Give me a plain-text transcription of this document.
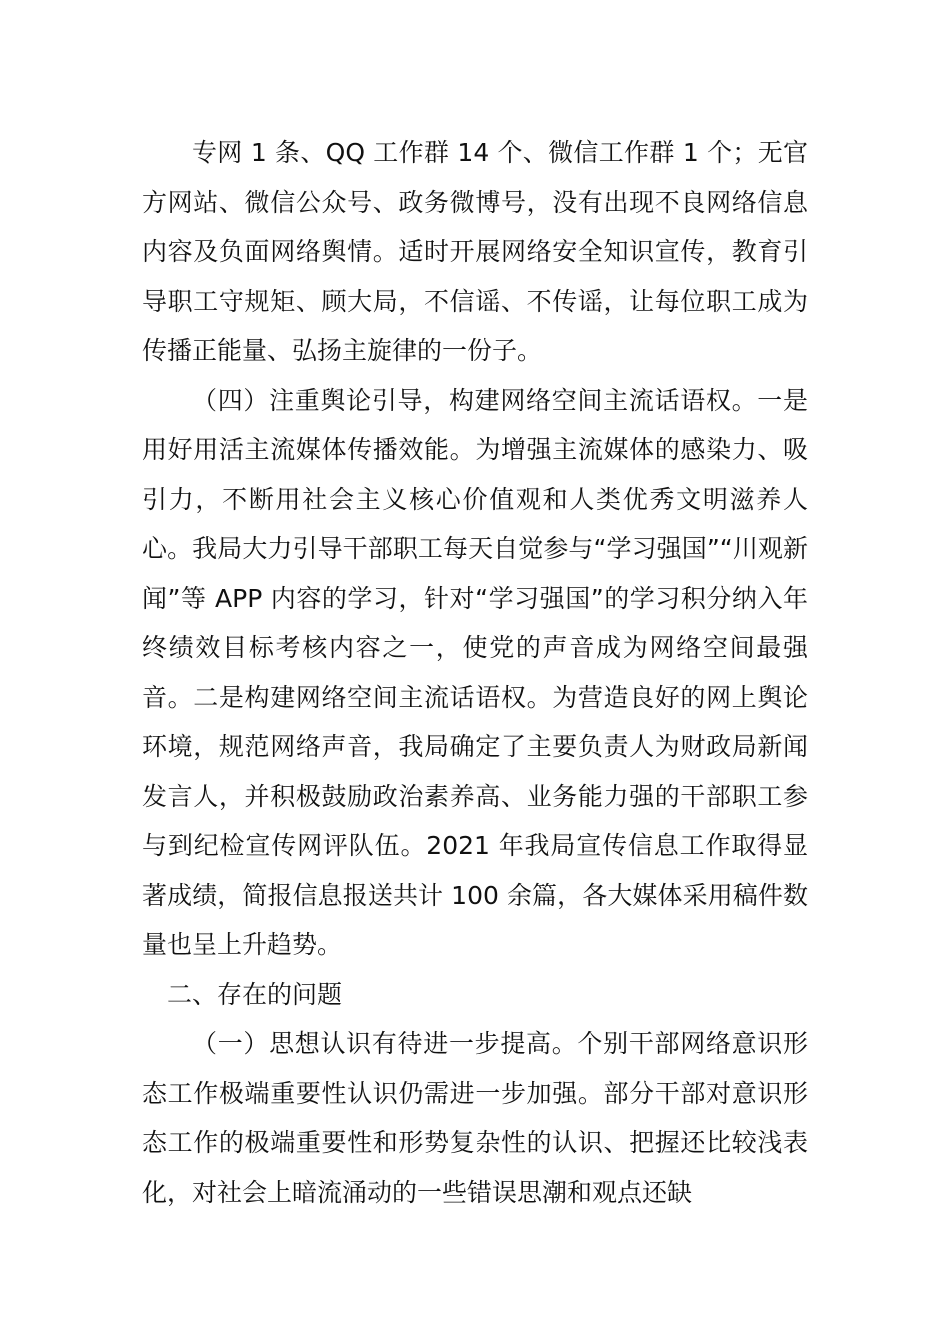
专网 1 条、QQ 工作群 14 个、微信工作群 1 个；无官方网站、微信公众号、政务微博号，没有出现不良网络信息内容及负面网络舆情。适时开展网络安全知识宣传，教育引导职工守规矩、顾大局，不信谣、不传谣，让每位职工成为传播正能量、弘扬主旋律的一份子。

（四）注重舆论引导，构建网络空间主流话语权。一是用好用活主流媒体传播效能。为增强主流媒体的感染力、吸引力，不断用社会主义核心价值观和人类优秀文明滋养人心。我局大力引导干部职工每天自觉参与“学习强国”“川观新闻”等 APP 内容的学习，针对“学习强国”的学习积分纳入年终绩效目标考核内容之一，使党的声音成为网络空间最强音。二是构建网络空间主流话语权。为营造良好的网上舆论环境，规范网络声音，我局确定了主要负责人为财政局新闻发言人，并积极鼓励政治素养高、业务能力强的干部职工参与到纪检宣传网评队伍。2021 年我局宣传信息工作取得显著成绩，简报信息报送共计 100 余篇，各大媒体采用稿件数量也呈上升趋势。

二、存在的问题

（一）思想认识有待进一步提高。个别干部网络意识形态工作极端重要性认识仍需进一步加强。部分干部对意识形态工作的极端重要性和形势复杂性的认识、把握还比较浅表化，对社会上暗流涌动的一些错误思潮和观点还缺
